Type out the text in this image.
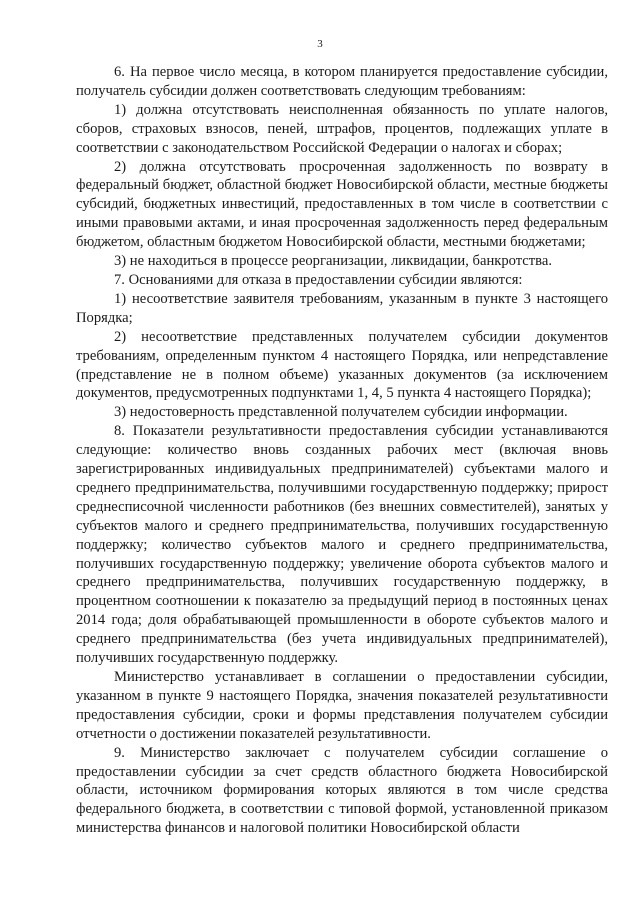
3

6. На первое число месяца, в котором планируется предоставление субсидии, получатель субсидии должен соответствовать следующим требованиям:

1) должна отсутствовать неисполненная обязанность по уплате налогов, сборов, страховых взносов, пеней, штрафов, процентов, подлежащих уплате в соответствии с законодательством Российской Федерации о налогах и сборах;

2) должна отсутствовать просроченная задолженность по возврату в федеральный бюджет, областной бюджет Новосибирской области, местные бюджеты субсидий, бюджетных инвестиций, предоставленных в том числе в соответствии с иными правовыми актами, и иная просроченная задолженность перед федеральным бюджетом, областным бюджетом Новосибирской области, местными бюджетами;

3) не находиться в процессе реорганизации, ликвидации, банкротства.

7. Основаниями для отказа в предоставлении субсидии являются:

1) несоответствие заявителя требованиям, указанным в пункте 3 настоящего Порядка;

2) несоответствие представленных получателем субсидии документов требованиям, определенным пунктом 4 настоящего Порядка, или непредставление (представление не в полном объеме) указанных документов (за исключением документов, предусмотренных подпунктами 1, 4, 5 пункта 4 настоящего Порядка);

3) недостоверность представленной получателем субсидии информации.

8. Показатели результативности предоставления субсидии устанавливаются следующие: количество вновь созданных рабочих мест (включая вновь зарегистрированных индивидуальных предпринимателей) субъектами малого и среднего предпринимательства, получившими государственную поддержку; прирост среднесписочной численности работников (без внешних совместителей), занятых у субъектов малого и среднего предпринимательства, получивших государственную поддержку; количество субъектов малого и среднего предпринимательства, получивших государственную поддержку; увеличение оборота субъектов малого и среднего предпринимательства, получивших государственную поддержку, в процентном соотношении к показателю за предыдущий период в постоянных ценах 2014 года; доля обрабатывающей промышленности в обороте субъектов малого и среднего предпринимательства (без учета индивидуальных предпринимателей), получивших государственную поддержку.

Министерство устанавливает в соглашении о предоставлении субсидии, указанном в пункте 9 настоящего Порядка, значения показателей результативности предоставления субсидии, сроки и формы представления получателем субсидии отчетности о достижении показателей результативности.

9. Министерство заключает с получателем субсидии соглашение о предоставлении субсидии за счет средств областного бюджета Новосибирской области, источником формирования которых являются в том числе средства федерального бюджета, в соответствии с типовой формой, установленной приказом министерства финансов и налоговой политики Новосибирской области
